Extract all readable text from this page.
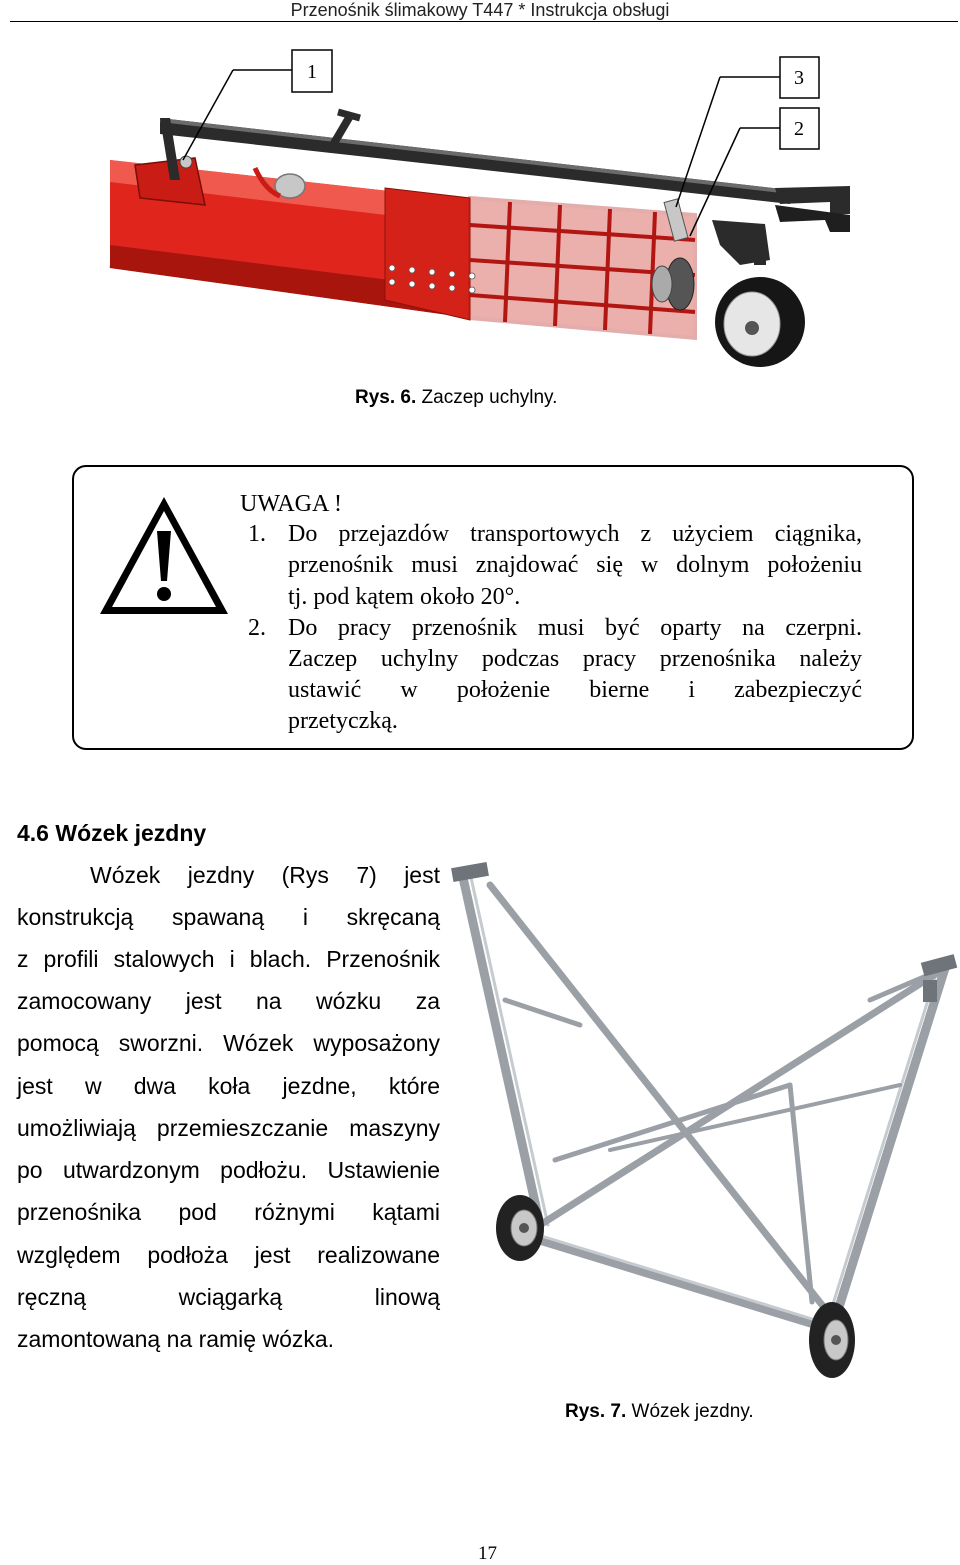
Przenośnik ślimakowy T447 * Instrukcja obsługi
1	3
2
Rys. 6. Zaczep uchylny.
UWAGA !
1. Do przejazdów transportowych z użyciem ciągnika,
przenośnik musi znajdować się w dolnym położeniu
tj. pod kątem około 20°.
2. Do pracy przenośnik musi być oparty na czerpni.
Zaczep uchylny podczas pracy przenośnika należy
ustawić w położenie bierne i zabezpieczyć
przetyczką.
4.6 Wózek jezdny
Wózek jezdny (Rys 7) jest
konstrukcją spawaną i skręcaną
z profili stalowych i blach. Przenośnik
zamocowany jest na wózku za
pomocą sworzni. Wózek wyposażony
jest w dwa koła jezdne, które
umożliwiają przemieszczanie maszyny
po utwardzonym podłożu. Ustawienie
przenośnika pod różnymi kątami
względem podłoża jest realizowane
ręczną wciągarką linową
zamontowaną na ramię wózka.
Rys. 7. Wózek jezdny.
17
